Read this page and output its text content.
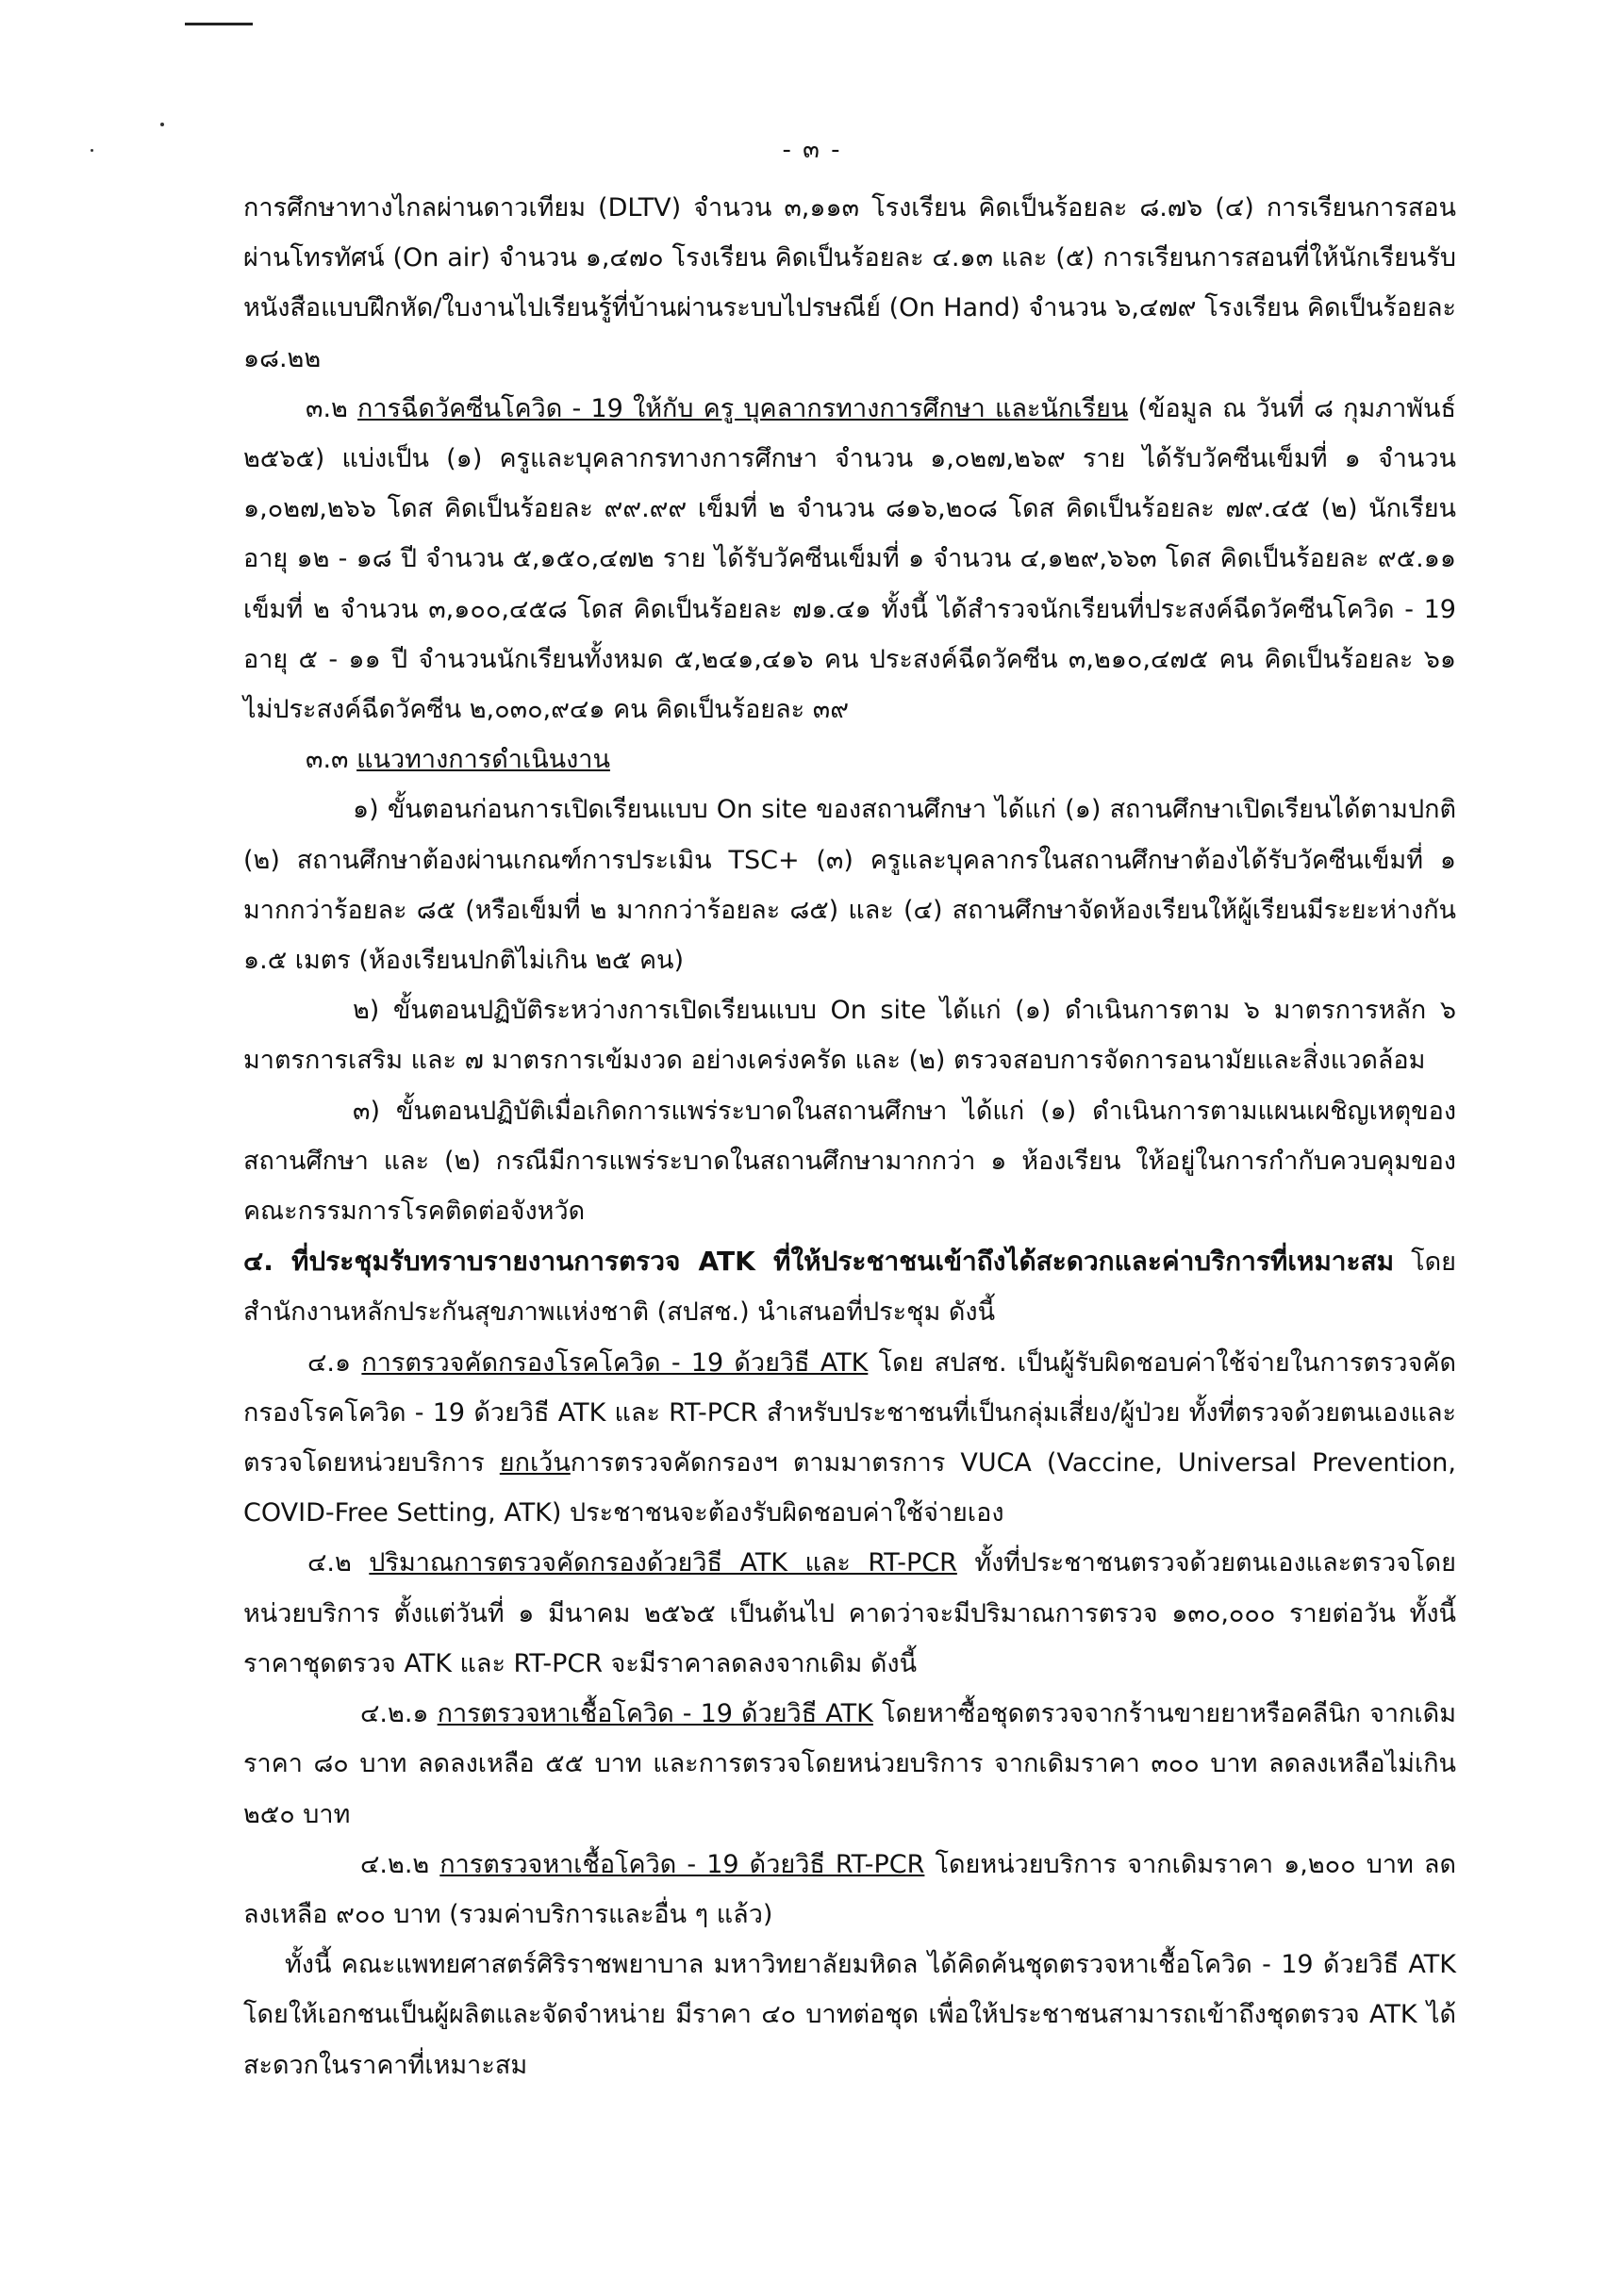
- ๓ -

การศึกษาทางไกลผ่านดาวเทียม (DLTV) จำนวน ๓,๑๑๓ โรงเรียน คิดเป็นร้อยละ ๘.๗๖ (๔) การเรียนการสอนผ่านโทรทัศน์ (On air) จำนวน ๑,๔๗๐ โรงเรียน คิดเป็นร้อยละ ๔.๑๓ และ (๕) การเรียนการสอนที่ให้นักเรียนรับหนังสือแบบฝึกหัด/ใบงานไปเรียนรู้ที่บ้านผ่านระบบไปรษณีย์ (On Hand) จำนวน ๖,๔๗๙ โรงเรียน คิดเป็นร้อยละ ๑๘.๒๒

๓.๒ การฉีดวัคซีนโควิด - 19 ให้กับ ครู บุคลากรทางการศึกษา และนักเรียน (ข้อมูล ณ วันที่ ๘ กุมภาพันธ์ ๒๕๖๕) แบ่งเป็น (๑) ครูและบุคลากรทางการศึกษา จำนวน ๑,๐๒๗,๒๖๙ ราย ได้รับวัคซีนเข็มที่ ๑ จำนวน ๑,๐๒๗,๒๖๖ โดส คิดเป็นร้อยละ ๙๙.๙๙ เข็มที่ ๒ จำนวน ๘๑๖,๒๐๘ โดส คิดเป็นร้อยละ ๗๙.๔๕ (๒) นักเรียน อายุ ๑๒ - ๑๘ ปี จำนวน ๕,๑๕๐,๔๗๒ ราย ได้รับวัคซีนเข็มที่ ๑ จำนวน ๔,๑๒๙,๖๖๓ โดส คิดเป็นร้อยละ ๙๕.๑๑ เข็มที่ ๒ จำนวน ๓,๑๐๐,๔๕๘ โดส คิดเป็นร้อยละ ๗๑.๔๑ ทั้งนี้ ได้สำรวจนักเรียนที่ประสงค์ฉีดวัคซีนโควิด - 19 อายุ ๕ - ๑๑ ปี จำนวนนักเรียนทั้งหมด ๕,๒๔๑,๔๑๖ คน ประสงค์ฉีดวัคซีน ๓,๒๑๐,๔๗๕ คน คิดเป็นร้อยละ ๖๑ ไม่ประสงค์ฉีดวัคซีน ๒,๐๓๐,๙๔๑ คน คิดเป็นร้อยละ ๓๙

๓.๓ แนวทางการดำเนินงาน

๑) ขั้นตอนก่อนการเปิดเรียนแบบ On site ของสถานศึกษา ได้แก่ (๑) สถานศึกษาเปิดเรียนได้ตามปกติ (๒) สถานศึกษาต้องผ่านเกณฑ์การประเมิน TSC+ (๓) ครูและบุคลากรในสถานศึกษาต้องได้รับวัคซีนเข็มที่ ๑ มากกว่าร้อยละ ๘๕ (หรือเข็มที่ ๒ มากกว่าร้อยละ ๘๕) และ (๔) สถานศึกษาจัดห้องเรียนให้ผู้เรียนมีระยะห่างกัน ๑.๕ เมตร (ห้องเรียนปกติไม่เกิน ๒๕ คน)

๒) ขั้นตอนปฏิบัติระหว่างการเปิดเรียนแบบ On site ได้แก่ (๑) ดำเนินการตาม ๖ มาตรการหลัก ๖ มาตรการเสริม และ ๗ มาตรการเข้มงวด อย่างเคร่งครัด และ (๒) ตรวจสอบการจัดการอนามัยและสิ่งแวดล้อม

๓) ขั้นตอนปฏิบัติเมื่อเกิดการแพร่ระบาดในสถานศึกษา ได้แก่ (๑) ดำเนินการตามแผนเผชิญเหตุของสถานศึกษา และ (๒) กรณีมีการแพร่ระบาดในสถานศึกษามากกว่า ๑ ห้องเรียน ให้อยู่ในการกำกับควบคุมของคณะกรรมการโรคติดต่อจังหวัด

๔. ที่ประชุมรับทราบรายงานการตรวจ ATK ที่ให้ประชาชนเข้าถึงได้สะดวกและค่าบริการที่เหมาะสม โดยสำนักงานหลักประกันสุขภาพแห่งชาติ (สปสช.) นำเสนอที่ประชุม ดังนี้

๔.๑ การตรวจคัดกรองโรคโควิด - 19 ด้วยวิธี ATK โดย สปสช. เป็นผู้รับผิดชอบค่าใช้จ่ายในการตรวจคัดกรองโรคโควิด - 19 ด้วยวิธี ATK และ RT-PCR สำหรับประชาชนที่เป็นกลุ่มเสี่ยง/ผู้ป่วย ทั้งที่ตรวจด้วยตนเองและตรวจโดยหน่วยบริการ ยกเว้นการตรวจคัดกรองฯ ตามมาตรการ VUCA (Vaccine, Universal Prevention, COVID-Free Setting, ATK) ประชาชนจะต้องรับผิดชอบค่าใช้จ่ายเอง

๔.๒ ปริมาณการตรวจคัดกรองด้วยวิธี ATK และ RT-PCR ทั้งที่ประชาชนตรวจด้วยตนเองและตรวจโดยหน่วยบริการ ตั้งแต่วันที่ ๑ มีนาคม ๒๕๖๕ เป็นต้นไป คาดว่าจะมีปริมาณการตรวจ ๑๓๐,๐๐๐ รายต่อวัน ทั้งนี้ ราคาชุดตรวจ ATK และ RT-PCR จะมีราคาลดลงจากเดิม ดังนี้

๔.๒.๑ การตรวจหาเชื้อโควิด - 19 ด้วยวิธี ATK โดยหาซื้อชุดตรวจจากร้านขายยาหรือคลีนิก จากเดิมราคา ๘๐ บาท ลดลงเหลือ ๕๕ บาท และการตรวจโดยหน่วยบริการ จากเดิมราคา ๓๐๐ บาท ลดลงเหลือไม่เกิน ๒๕๐ บาท

๔.๒.๒ การตรวจหาเชื้อโควิด - 19 ด้วยวิธี RT-PCR โดยหน่วยบริการ จากเดิมราคา ๑,๒๐๐ บาท ลดลงเหลือ ๙๐๐ บาท (รวมค่าบริการและอื่น ๆ แล้ว)

ทั้งนี้ คณะแพทยศาสตร์ศิริราชพยาบาล มหาวิทยาลัยมหิดล ได้คิดค้นชุดตรวจหาเชื้อโควิด - 19 ด้วยวิธี ATK โดยให้เอกชนเป็นผู้ผลิตและจัดจำหน่าย มีราคา ๔๐ บาทต่อชุด เพื่อให้ประชาชนสามารถเข้าถึงชุดตรวจ ATK ได้สะดวกในราคาที่เหมาะสม
